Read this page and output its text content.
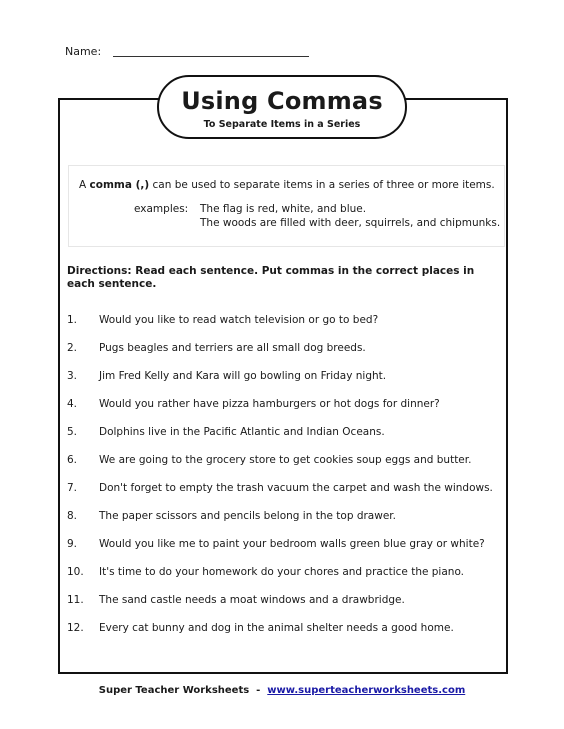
Name:
Using Commas
To Separate Items in a Series
A comma (,) can be used to separate items in a series of three or more items.
examples: The flag is red, white, and blue.
The woods are filled with deer, squirrels, and chipmunks.
Directions: Read each sentence. Put commas in the correct places in each sentence.
1. Would you like to read watch television or go to bed?
2. Pugs beagles and terriers are all small dog breeds.
3. Jim Fred Kelly and Kara will go bowling on Friday night.
4. Would you rather have pizza hamburgers or hot dogs for dinner?
5. Dolphins live in the Pacific Atlantic and Indian Oceans.
6. We are going to the grocery store to get cookies soup eggs and butter.
7. Don't forget to empty the trash vacuum the carpet and wash the windows.
8. The paper scissors and pencils belong in the top drawer.
9. Would you like me to paint your bedroom walls green blue gray or white?
10. It's time to do your homework do your chores and practice the piano.
11. The sand castle needs a moat windows and a drawbridge.
12. Every cat bunny and dog in the animal shelter needs a good home.
Super Teacher Worksheets - www.superteacherworksheets.com
